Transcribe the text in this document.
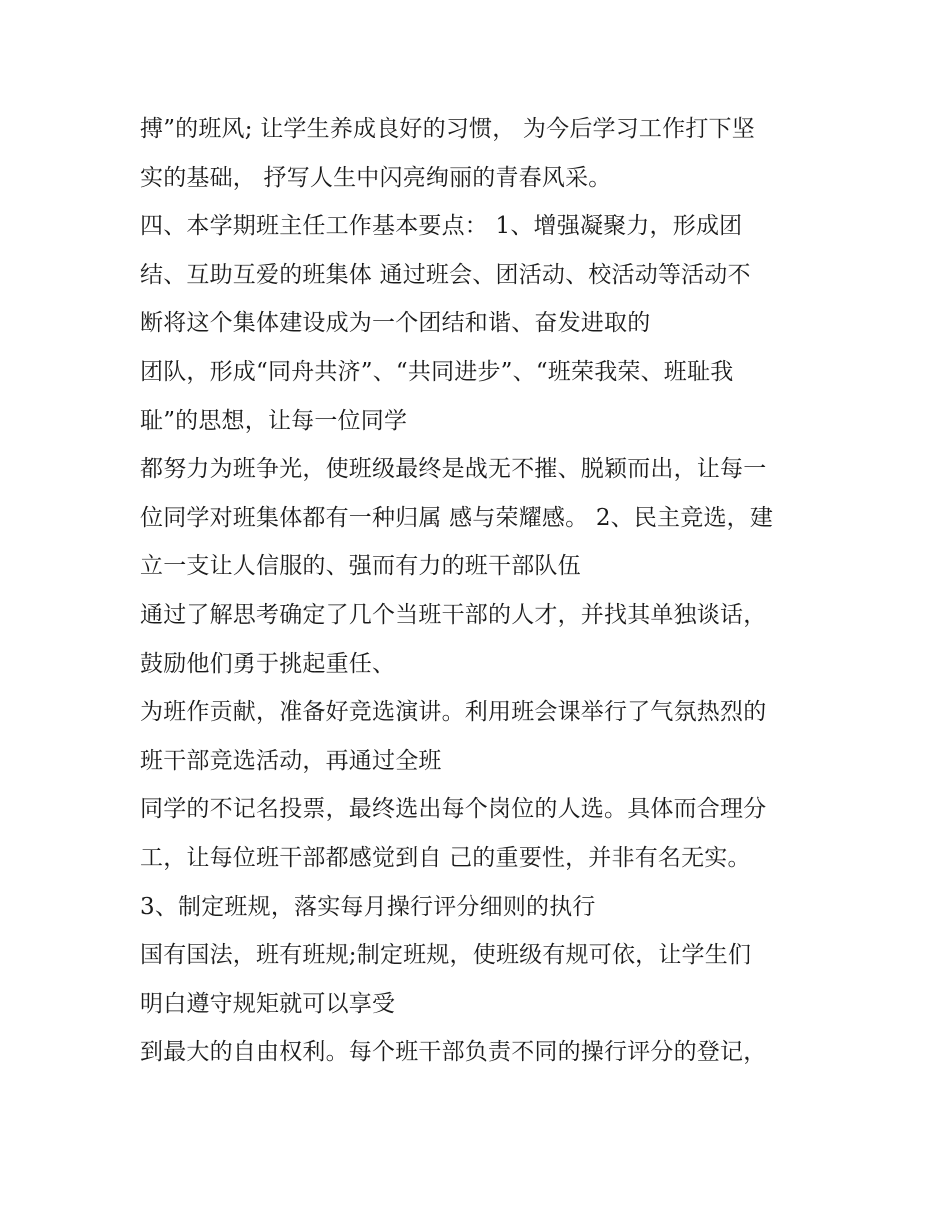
搏”的班风; 让学生养成良好的习惯， 为今后学习工作打下坚
实的基础， 抒写人生中闪亮绚丽的青春风采。
四、本学期班主任工作基本要点： 1、增强凝聚力，形成团
结、互助互爱的班集体 通过班会、团活动、校活动等活动不
断将这个集体建设成为一个团结和谐、奋发进取的
团队，形成“同舟共济”、“共同进步”、“班荣我荣、班耻我
耻”的思想，让每一位同学
都努力为班争光，使班级最终是战无不摧、脱颖而出，让每一
位同学对班集体都有一种归属 感与荣耀感。 2、民主竞选，建
立一支让人信服的、强而有力的班干部队伍
通过了解思考确定了几个当班干部的人才，并找其单独谈话，
鼓励他们勇于挑起重任、
为班作贡献，准备好竞选演讲。利用班会课举行了气氛热烈的
班干部竞选活动，再通过全班
同学的不记名投票，最终选出每个岗位的人选。具体而合理分
工，让每位班干部都感觉到自 己的重要性，并非有名无实。
3、制定班规，落实每月操行评分细则的执行
国有国法，班有班规;制定班规，使班级有规可依，让学生们
明白遵守规矩就可以享受
到最大的自由权利。每个班干部负责不同的操行评分的登记，
